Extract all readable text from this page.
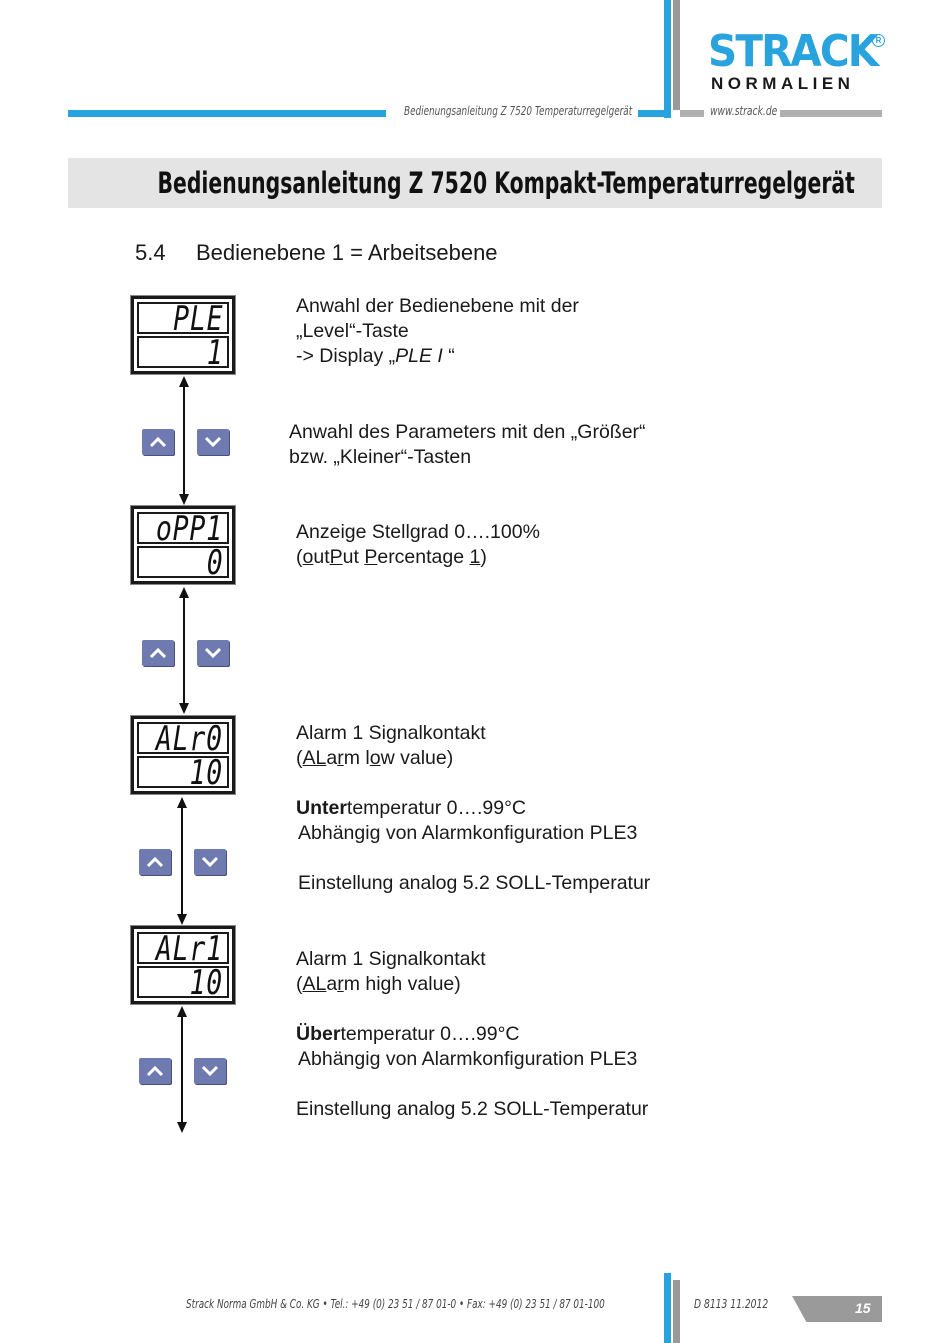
Bedienungsanleitung Z 7520 Temperaturregelgerät	www.strack.de
STRACK
R
NORMALIEN
Bedienungsanleitung Z 7520 Kompakt-Temperaturregelgerät
5.4 Bedienebene 1 = Arbeitsebene
PLE
1
Anwahl der Bedienebene mit der
„Level“-Taste
-> Display „PLE I “
Anwahl des Parameters mit den „Größer“
bzw. „Kleiner“-Tasten
oPP1
0
Anzeige Stellgrad 0….100%
(outPut Percentage 1)
ALr0
10
Alarm 1 Signalkontakt
(ALarm low value)
Untertemperatur 0….99°C
Abhängig von Alarmkonfiguration PLE3
Einstellung analog 5.2 SOLL-Temperatur
ALr1
10
Alarm 1 Signalkontakt
(ALarm high value)
Übertemperatur 0….99°C
Abhängig von Alarmkonfiguration PLE3
Einstellung analog 5.2 SOLL-Temperatur
Strack Norma GmbH & Co. KG • Tel.: +49 (0) 23 51 / 87 01-0 • Fax: +49 (0) 23 51 / 87 01-100	D 8113 11.2012	15
